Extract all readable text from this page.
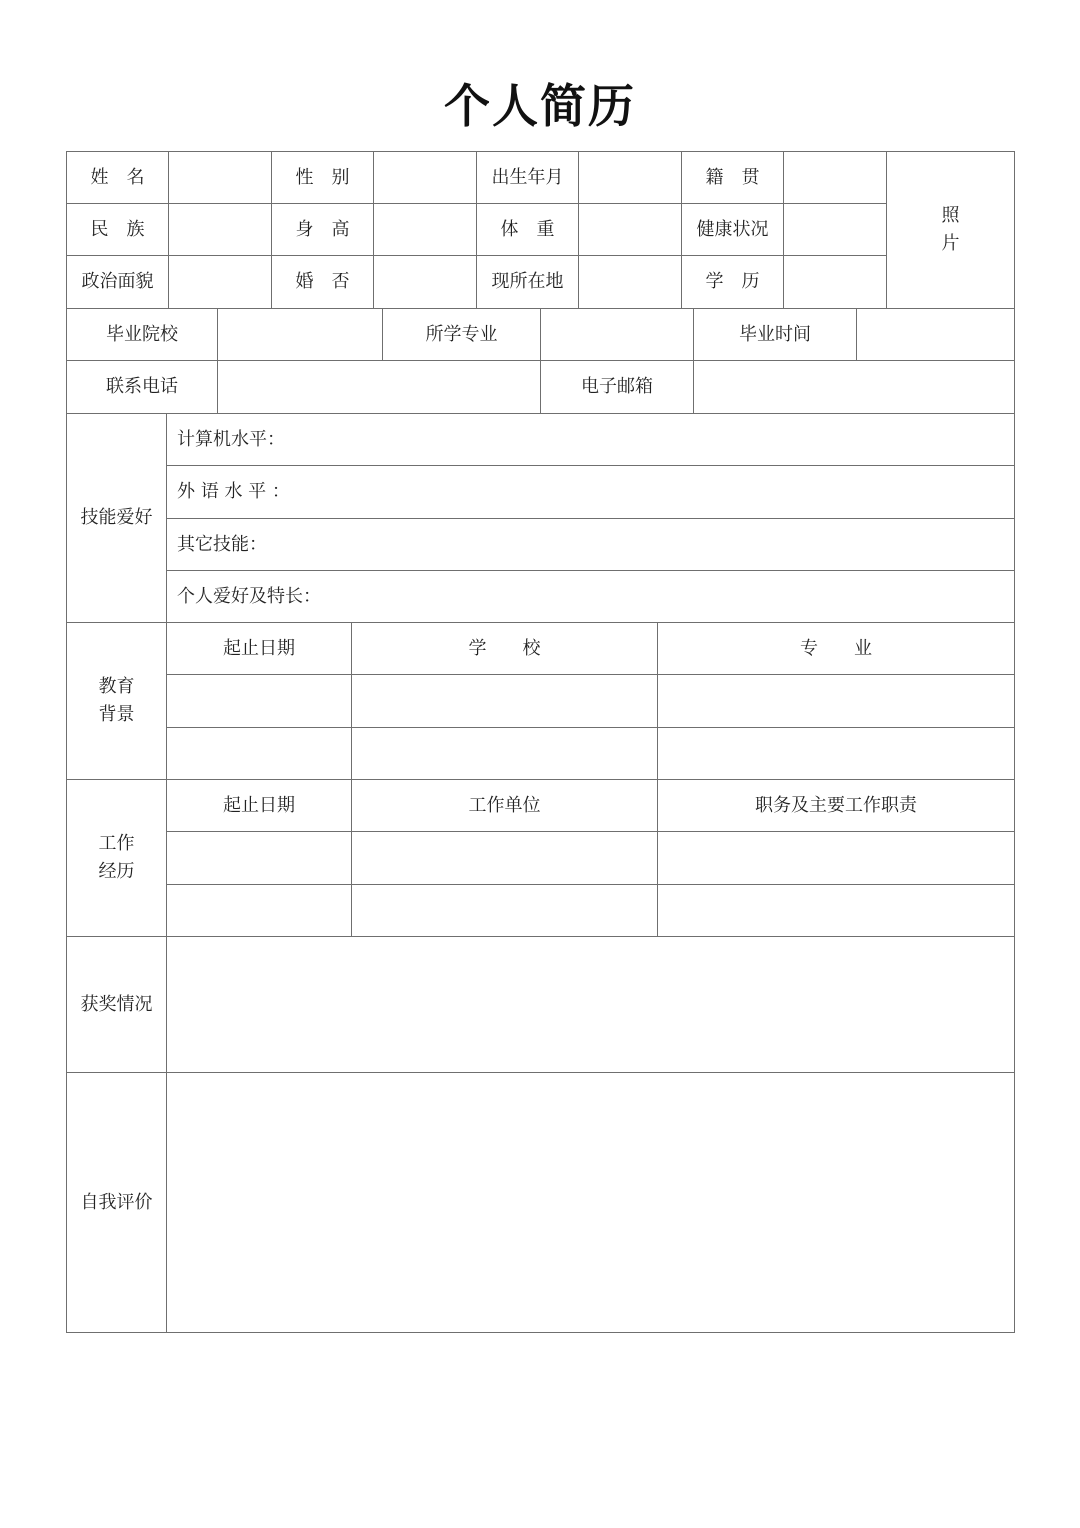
个人简历
姓　名	性　别	出生年月	籍　贯
民　族	身　高	体　重	健康状况
政治面貌	婚　否	现所在地	学　历
照
片
毕业院校	所学专业	毕业时间
联系电话	电子邮箱
技能爱好
计算机水平：
外 语 水 平 ：
其它技能：
个人爱好及特长：
教育
背景
起止日期	学　　校	专　　业
工作
经历
起止日期	工作单位	职务及主要工作职责
获奖情况
自我评价
